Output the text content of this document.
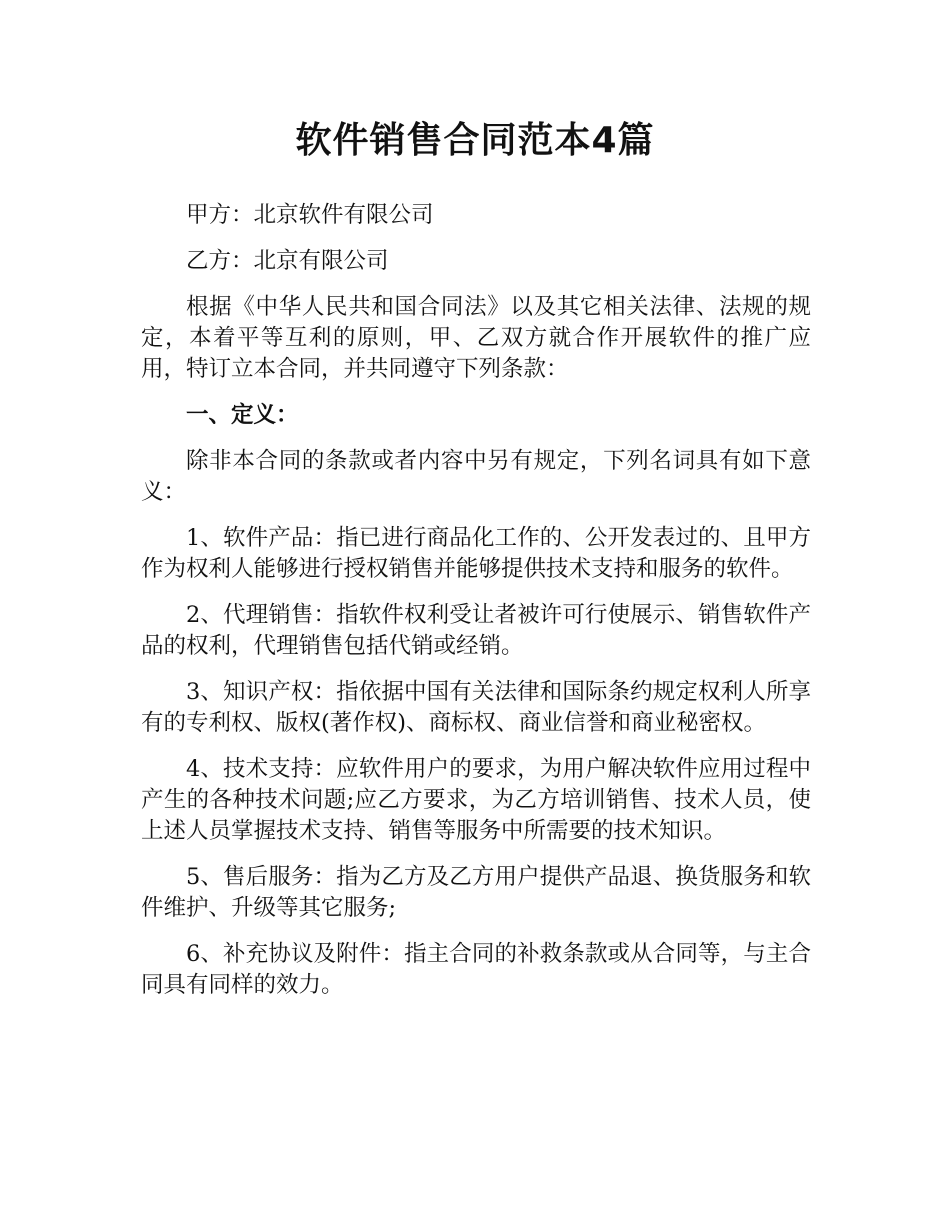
软件销售合同范本4篇

甲方：北京软件有限公司

乙方：北京有限公司

根据《中华人民共和国合同法》以及其它相关法律、法规的规定，本着平等互利的原则，甲、乙双方就合作开展软件的推广应用，特订立本合同，并共同遵守下列条款：

一、定义：

除非本合同的条款或者内容中另有规定，下列名词具有如下意义：

1、软件产品：指已进行商品化工作的、公开发表过的、且甲方作为权利人能够进行授权销售并能够提供技术支持和服务的软件。

2、代理销售：指软件权利受让者被许可行使展示、销售软件产品的权利，代理销售包括代销或经销。

3、知识产权：指依据中国有关法律和国际条约规定权利人所享有的专利权、版权(著作权)、商标权、商业信誉和商业秘密权。

4、技术支持：应软件用户的要求，为用户解决软件应用过程中产生的各种技术问题;应乙方要求，为乙方培训销售、技术人员，使上述人员掌握技术支持、销售等服务中所需要的技术知识。

5、售后服务：指为乙方及乙方用户提供产品退、换货服务和软件维护、升级等其它服务;

6、补充协议及附件：指主合同的补救条款或从合同等，与主合同具有同样的效力。
